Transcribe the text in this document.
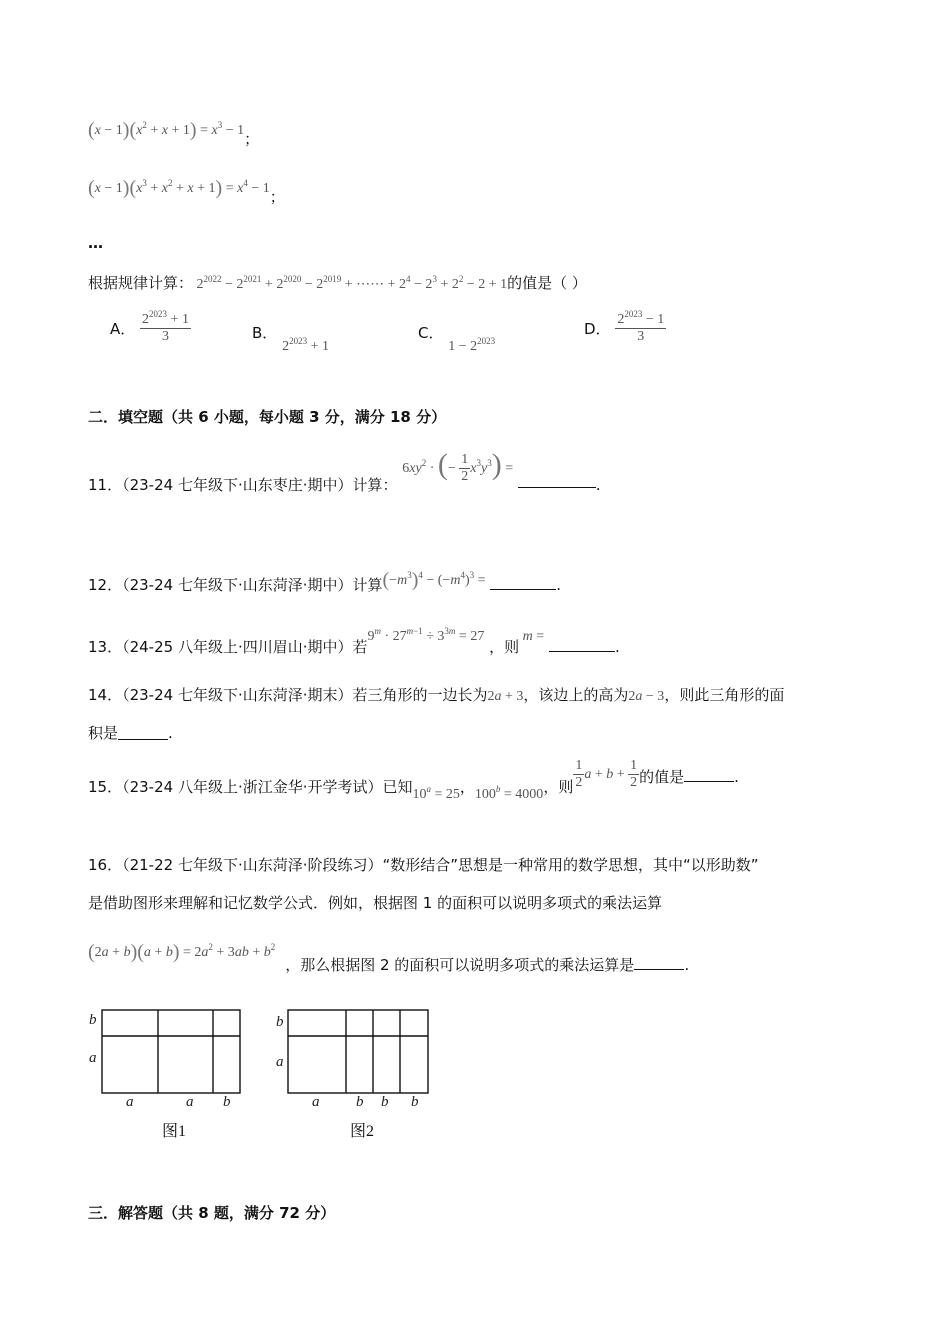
$(x - 1)(x^2 + x + 1) = x^3 - 1$；
$(x - 1)(x^3 + x^2 + x + 1) = x^4 - 1$；
…
根据规律计算： $2^{2022} - 2^{2021} + 2^{2020} - 2^{2019}$ + ⋯⋯ + $2^4 - 2^3 + 2^2 - 2 + 1$的值是（ ）
A． $\frac{2^{2023} + 1}{3}$	B． $2^{2023} + 1$
C． $1 - 2^{2023}$
D． $\frac{2^{2023} - 1}{3}$
二．填空题（共 6 小题，每小题 3 分，满分 18 分）
11．（23-24 七年级下·山东枣庄·期中）计算： $6xy^2$ · (− $\frac{1}{2} x^3y^3$) = .
12．（23-24 七年级下·山东菏泽·期中）计算$(-m^3)^4 - (-m^4)^3$ =	.
13．（24-25 八年级上·四川眉山·期中）若$9^m \cdot 27^{m-1} \div 3^{3m} = 27$ ，则 m = .
14．（23-24 七年级下·山东菏泽·期末）若三角形的一边长为2a + 3，该边上的高为2a − 3，则此三角形的面
积是	.
15．（23-24 八年级上·浙江金华·开学考试）已知$10^a = 25$，$100^b = 4000$，则 $\frac{1}{2}$ $a + b + \frac{1}{2}$ 的值是	.
16．（21-22 七年级下·山东菏泽·阶段练习）“数形结合”思想是一种常用的数学思想，其中“以形助数”
是借助图形来理解和记忆数学公式．例如，根据图 1 的面积可以说明多项式的乘法运算
$(2a + b)(a + b) = 2a^2 + 3ab + b^2$，那么根据图 2 的面积可以说明多项式的乘法运算是	.
b
a
a	a b
图1
b
a
a b b b
图2
三．解答题（共 8 题，满分 72 分）
